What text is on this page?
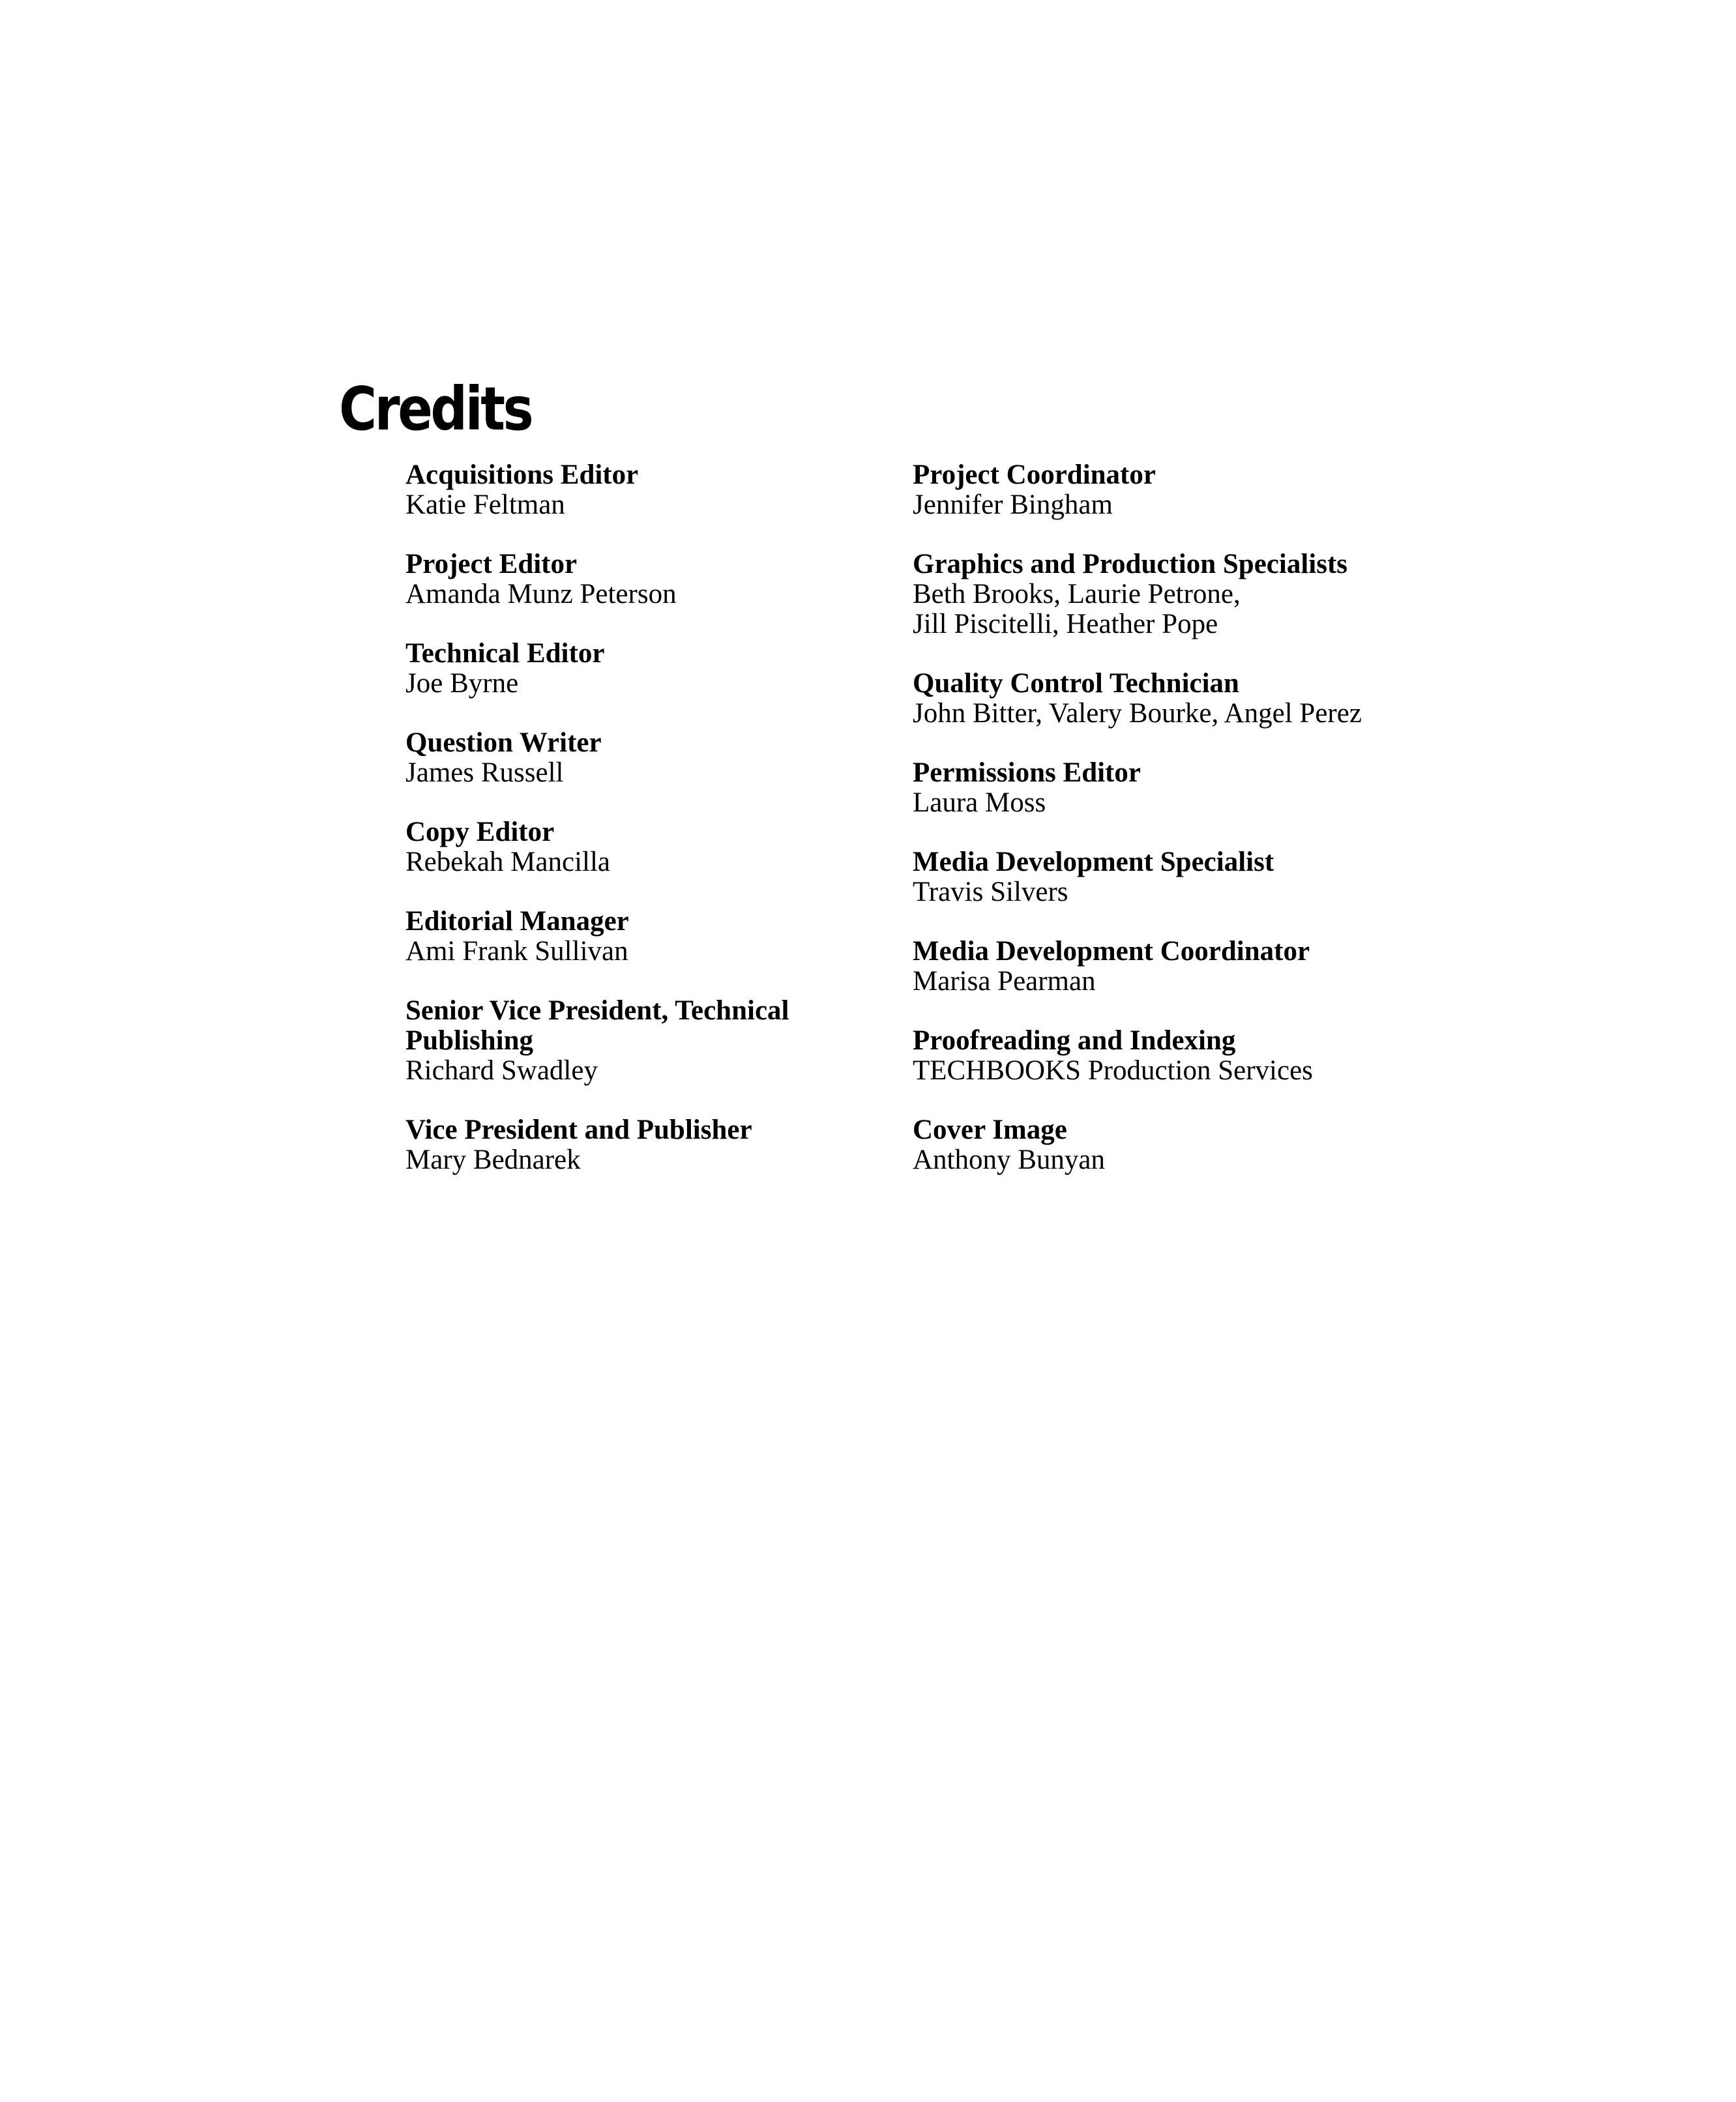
Credits
Acquisitions Editor
Katie Feltman
Project Editor
Amanda Munz Peterson
Technical Editor
Joe Byrne
Question Writer
James Russell
Copy Editor
Rebekah Mancilla
Editorial Manager
Ami Frank Sullivan
Senior Vice President, Technical
Publishing
Richard Swadley
Vice President and Publisher
Mary Bednarek
Project Coordinator
Jennifer Bingham
Graphics and Production Specialists
Beth Brooks, Laurie Petrone,
Jill Piscitelli, Heather Pope
Quality Control Technician
John Bitter, Valery Bourke, Angel Perez
Permissions Editor
Laura Moss
Media Development Specialist
Travis Silvers
Media Development Coordinator
Marisa Pearman
Proofreading and Indexing
TECHBOOKS Production Services
Cover Image
Anthony Bunyan
